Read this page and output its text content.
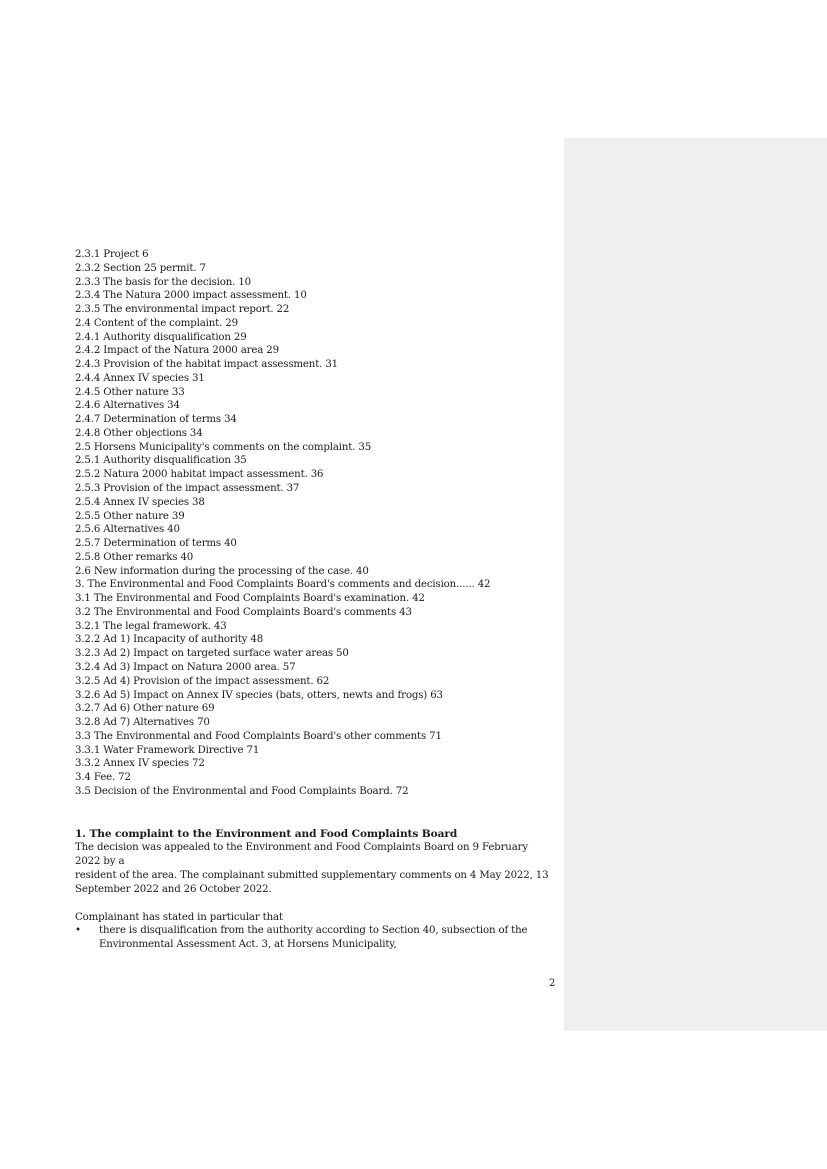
2.3.1 Project 6
2.3.2 Section 25 permit. 7
2.3.3 The basis for the decision. 10
2.3.4 The Natura 2000 impact assessment. 10
2.3.5 The environmental impact report. 22
2.4 Content of the complaint. 29
2.4.1 Authority disqualification 29
2.4.2 Impact of the Natura 2000 area 29
2.4.3 Provision of the habitat impact assessment. 31
2.4.4 Annex IV species 31
2.4.5 Other nature 33
2.4.6 Alternatives 34
2.4.7 Determination of terms 34
2.4.8 Other objections 34
2.5 Horsens Municipality's comments on the complaint. 35
2.5.1 Authority disqualification 35
2.5.2 Natura 2000 habitat impact assessment. 36
2.5.3 Provision of the impact assessment. 37
2.5.4 Annex IV species 38
2.5.5 Other nature 39
2.5.6 Alternatives 40
2.5.7 Determination of terms 40
2.5.8 Other remarks 40
2.6 New information during the processing of the case. 40
3. The Environmental and Food Complaints Board's comments and decision...... 42
3.1 The Environmental and Food Complaints Board's examination. 42
3.2 The Environmental and Food Complaints Board's comments 43
3.2.1 The legal framework. 43
3.2.2 Ad 1) Incapacity of authority 48
3.2.3 Ad 2) Impact on targeted surface water areas 50
3.2.4 Ad 3) Impact on Natura 2000 area. 57
3.2.5 Ad 4) Provision of the impact assessment. 62
3.2.6 Ad 5) Impact on Annex IV species (bats, otters, newts and frogs) 63
3.2.7 Ad 6) Other nature 69
3.2.8 Ad 7) Alternatives 70
3.3 The Environmental and Food Complaints Board's other comments 71
3.3.1 Water Framework Directive 71
3.3.2 Annex IV species 72
3.4 Fee. 72
3.5 Decision of the Environmental and Food Complaints Board. 72
1. The complaint to the Environment and Food Complaints Board

The decision was appealed to the Environment and Food Complaints Board on 9 February 2022 by a

resident of the area. The complainant submitted supplementary comments on 4 May 2022, 13

September 2022 and 26 October 2022.

Complainant has stated in particular that

• there is disqualification from the authority according to Section 40, subsection of the
Environmental Assessment Act. 3, at Horsens Municipality,
2
